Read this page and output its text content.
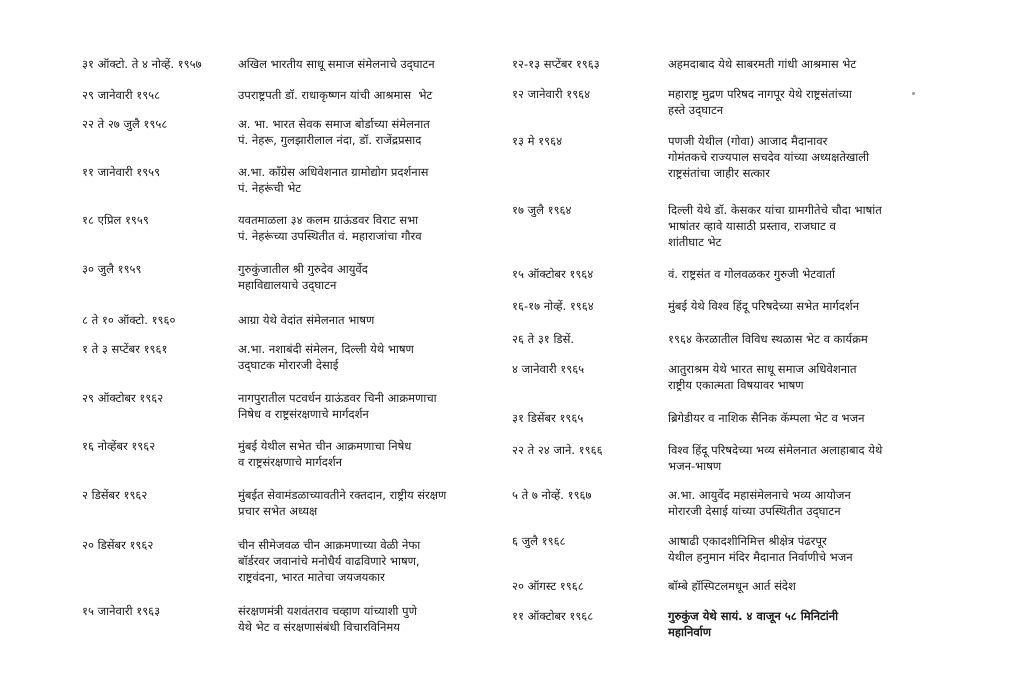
३१ ऑक्टो. ते ४ नोव्हें. १९५७	अखिल भारतीय साधू समाज संमेलनाचे उद्‌घाटन
२९ जानेवारी १९५८	उपराष्ट्रपती डॉ. राधाकृष्णन यांची आश्रमास  भेट
२२ ते २७ जुलै १९५८	अ. भा. भारत सेवक समाज बोर्डाच्या संमेलनात
पं. नेहरू, गुलझारीलाल नंदा, डॉ. राजेंद्रप्रसाद
११ जानेवारी १९५९	अ.भा. काँग्रेस अधिवेशनात ग्रामोद्योग प्रदर्शनास
पं. नेहरूंची भेट
१८ एप्रिल १९५९	यवतमाळला ३४ कलम ग्राऊंडवर विराट सभा
पं. नेहरूंच्या उपस्थितीत वं. महाराजांचा गौरव
३० जुलै १९५९	गुरुकुंजातील श्री गुरुदेव आयुर्वेद
महाविद्यालयाचे उद्‌घाटन
८ ते १० ऑक्टो. १९६०	आग्रा येथे वेदांत संमेलनात भाषण
१ ते ३ सप्टेंबर १९६१	अ.भा. नशाबंदी संमेलन, दिल्ली येथे भाषण
उद्‌घाटक मोरारजी देसाई
२९ ऑक्टोबर १९६२	नागपुरातील पटवर्धन ग्राऊंडवर चिनी आक्रमणाचा
निषेध व राष्ट्रसंरक्षणाचे मार्गदर्शन
१६ नोव्हेंबर १९६२	मुंबई येथील सभेत चीन आक्रमणाचा निषेध
व राष्ट्रसंरक्षणाचे मार्गदर्शन
२ डिसेंबर १९६२	मुंबईत सेवामंडळाच्यावतीने रक्तदान, राष्ट्रीय संरक्षण
प्रचार सभेत अध्यक्ष
२० डिसेंबर १९६२	चीन सीमेजवळ चीन आक्रमणाच्या वेळी नेफा
बॉर्डरवर जवानांचे मनोधैर्य वाढविणारे भाषण,
राष्ट्रवंदना, भारत मातेचा जयजयकार
१५ जानेवारी १९६३	संरक्षणमंत्री यशवंतराव चव्हाण यांच्याशी पुणे
येथे भेट व संरक्षणासंबंधी विचारविनिमय
१२-१३ सप्टेंबर १९६३	अहमदाबाद येथे साबरमती गांधी आश्रमास भेट
१२ जानेवारी १९६४	महाराष्ट्र मुद्रण परिषद नागपूर येथे राष्ट्रसंतांच्या
हस्ते उद्‌घाटन
१३ मे १९६४	पणजी येथील (गोवा) आजाद मैदानावर
गोमंतकचे राज्यपाल सचदेव यांच्या अध्यक्षतेखाली
राष्ट्रसंतांचा जाहीर सत्कार
१७ जुलै १९६४	दिल्ली येथे डॉ. केसकर यांचा ग्रामगीतेचे चौदा भाषांत
भाषांतर व्हावे यासाठी प्रस्ताव, राजघाट व
शांतीघाट भेट
१५ ऑक्टोबर १९६४	वं. राष्ट्रसंत व गोलवळकर गुरुजी भेटवार्ता
१६-१७ नोव्हें. १९६४	मुंबई येथे विश्व हिंदू परिषदेच्या सभेत मार्गदर्शन
२६ ते ३१ डिसें.	१९६४ केरळातील विविध स्थळास भेट व कार्यक्रम
४ जानेवारी १९६५	आतुराश्रम येथे भारत साधू समाज अधिवेशनात
राष्ट्रीय एकात्मता विषयावर भाषण
३१ डिसेंबर १९६५	ब्रिगेडीयर व नाशिक सैनिक कॅम्पला भेट व भजन
२२ ते २४ जाने. १९६६	विश्व हिंदू परिषदेच्या भव्य संमेलनात अलाहाबाद येथे
भजन-भाषण
५ ते ७ नोव्हें. १९६७	अ.भा. आयुर्वेद महासंमेलनाचे भव्य आयोजन
मोरारजी देसाई यांच्या उपस्थितीत उद्‌घाटन
६ जुलै १९६८	आषाढी एकादशीनिमित्त श्रीक्षेत्र पंढरपूर
येथील हनुमान मंदिर मैदानात निर्वाणीचे भजन
२० ऑगस्ट १९६८	बॉम्बे हॉस्पिटलमधून आर्त संदेश
११ ऑक्टोबर १९६८	गुरुकुंज येथे सायं. ४ वाजून ५८ मिनिटांनी
महानिर्वाण
